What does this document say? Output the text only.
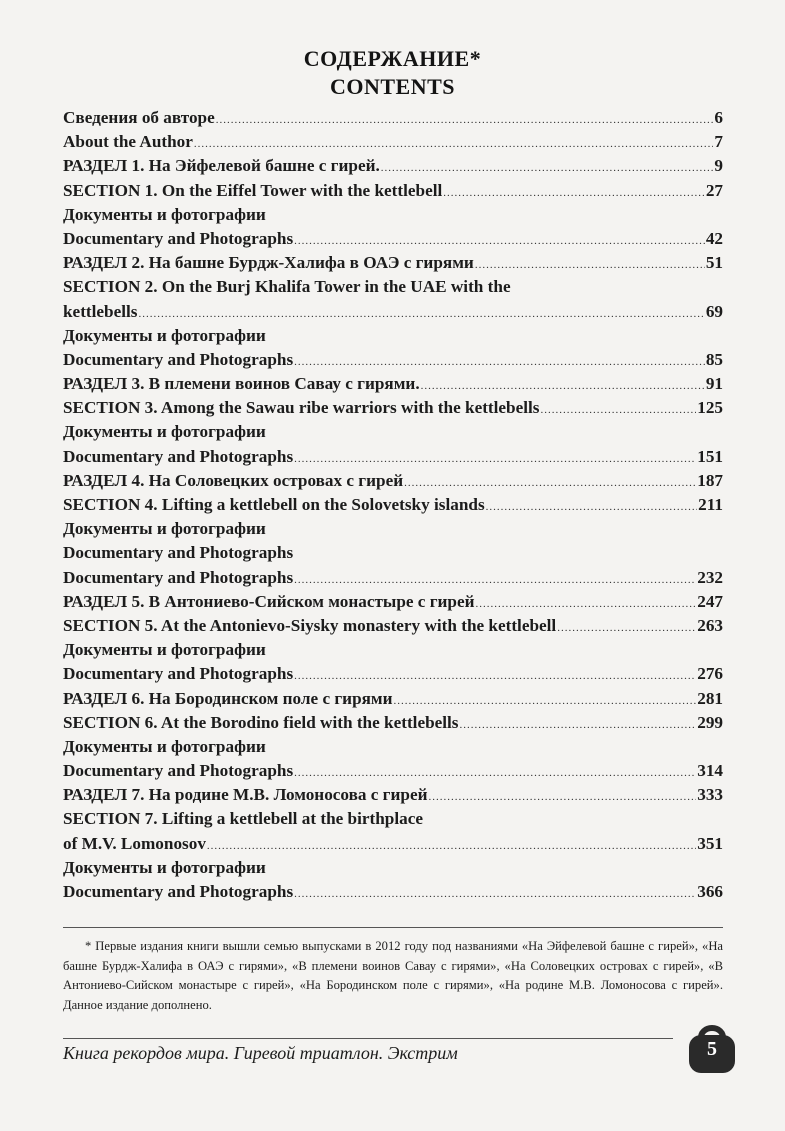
СОДЕРЖАНИЕ*
CONTENTS
Сведения об авторе .....	6
About the Author .....	7
РАЗДЕЛ 1. На Эйфелевой башне с гирей. .....	9
SECTION 1. On the Eiffel Tower with the kettlebell .....	27
Документы и фотографии
Documentary and Photographs .....	42
РАЗДЕЛ 2. На башне Бурдж-Халифа в ОАЭ с гирями .....	51
SECTION 2. On the Burj Khalifa Tower in the UAE with the
kettlebells .....	69
Документы и фотографии
Documentary and Photographs .....	85
РАЗДЕЛ 3. В племени воинов Савау с гирями. .....	91
SECTION 3. Among the Sawau ribe warriors with the kettlebells .....	125
Документы и фотографии
Documentary and Photographs .....	151
РАЗДЕЛ 4. На Соловецких островах с гирей .....	187
SECTION 4. Lifting a kettlebell on the Solovetsky islands .....	211
Документы и фотографии
Documentary and Photographs
Documentary and Photographs .....	232
РАЗДЕЛ 5. В Антониево-Сийском монастыре с гирей .....	247
SECTION 5. At the Antonievo-Siysky monastery with the kettlebell .....	263
Документы и фотографии
Documentary and Photographs .....	276
РАЗДЕЛ 6. На Бородинском поле с гирями .....	281
SECTION 6. At the Borodino field with the kettlebells .....	299
Документы и фотографии
Documentary and Photographs .....	314
РАЗДЕЛ 7. На родине М.В. Ломоносова с гирей .....	333
SECTION 7. Lifting a kettlebell at the birthplace
of M.V. Lomonosov .....	351
Документы и фотографии
Documentary and Photographs .....	366
* Первые издания книги вышли семью выпусками в 2012 году под названиями «На Эйфелевой башне с гирей», «На башне Бурдж-Халифа в ОАЭ с гирями», «В племени воинов Савау с гирями», «На Соловецких островах с гирей», «В Антониево-Сийском монастыре с гирей», «На Бородинском поле с гирями», «На родине М.В. Ломоносова с гирей». Данное издание дополнено.
Книга рекордов мира. Гиревой триатлон. Экстрим	5
